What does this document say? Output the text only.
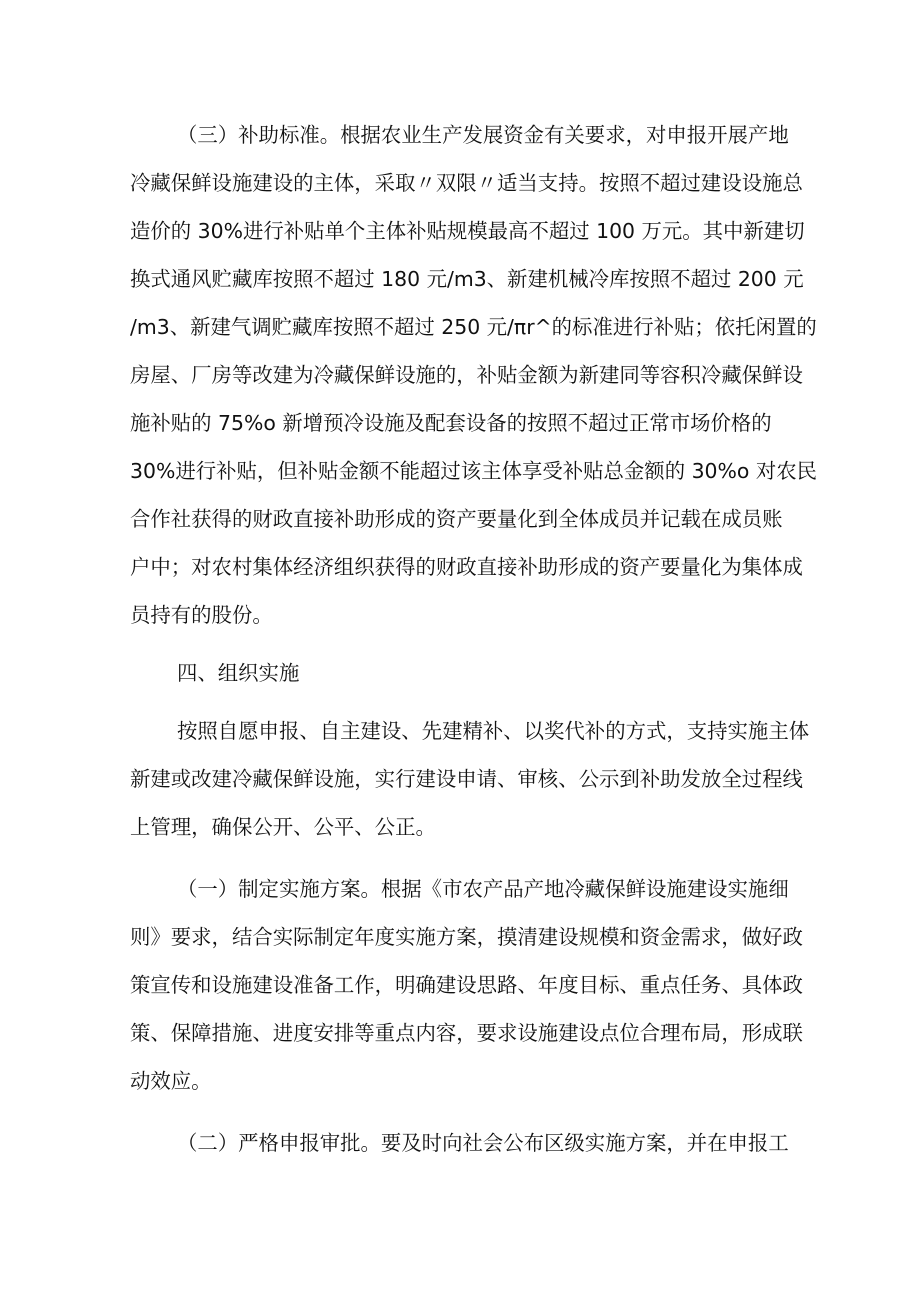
（三）补助标准。根据农业生产发展资金有关要求，对申报开展产地
冷藏保鲜设施建设的主体，采取〃双限〃适当支持。按照不超过建设设施总
造价的 30%进行补贴单个主体补贴规模最高不超过 100 万元。其中新建切
换式通风贮藏库按照不超过 180 元/m3、新建机械冷库按照不超过 200 元
/m3、新建气调贮藏库按照不超过 250 元/πr^的标准进行补贴；依托闲置的
房屋、厂房等改建为冷藏保鲜设施的，补贴金额为新建同等容积冷藏保鲜设
施补贴的 75%o 新增预冷设施及配套设备的按照不超过正常市场价格的
30%进行补贴，但补贴金额不能超过该主体享受补贴总金额的 30%o 对农民
合作社获得的财政直接补助形成的资产要量化到全体成员并记载在成员账
户中；对农村集体经济组织获得的财政直接补助形成的资产要量化为集体成
员持有的股份。
四、组织实施
按照自愿申报、自主建设、先建精补、以奖代补的方式，支持实施主体
新建或改建冷藏保鲜设施，实行建设申请、审核、公示到补助发放全过程线
上管理，确保公开、公平、公正。
（一）制定实施方案。根据《市农产品产地冷藏保鲜设施建设实施细
则》要求，结合实际制定年度实施方案，摸清建设规模和资金需求，做好政
策宣传和设施建设准备工作，明确建设思路、年度目标、重点任务、具体政
策、保障措施、进度安排等重点内容，要求设施建设点位合理布局，形成联
动效应。
（二）严格申报审批。要及时向社会公布区级实施方案，并在申报工
